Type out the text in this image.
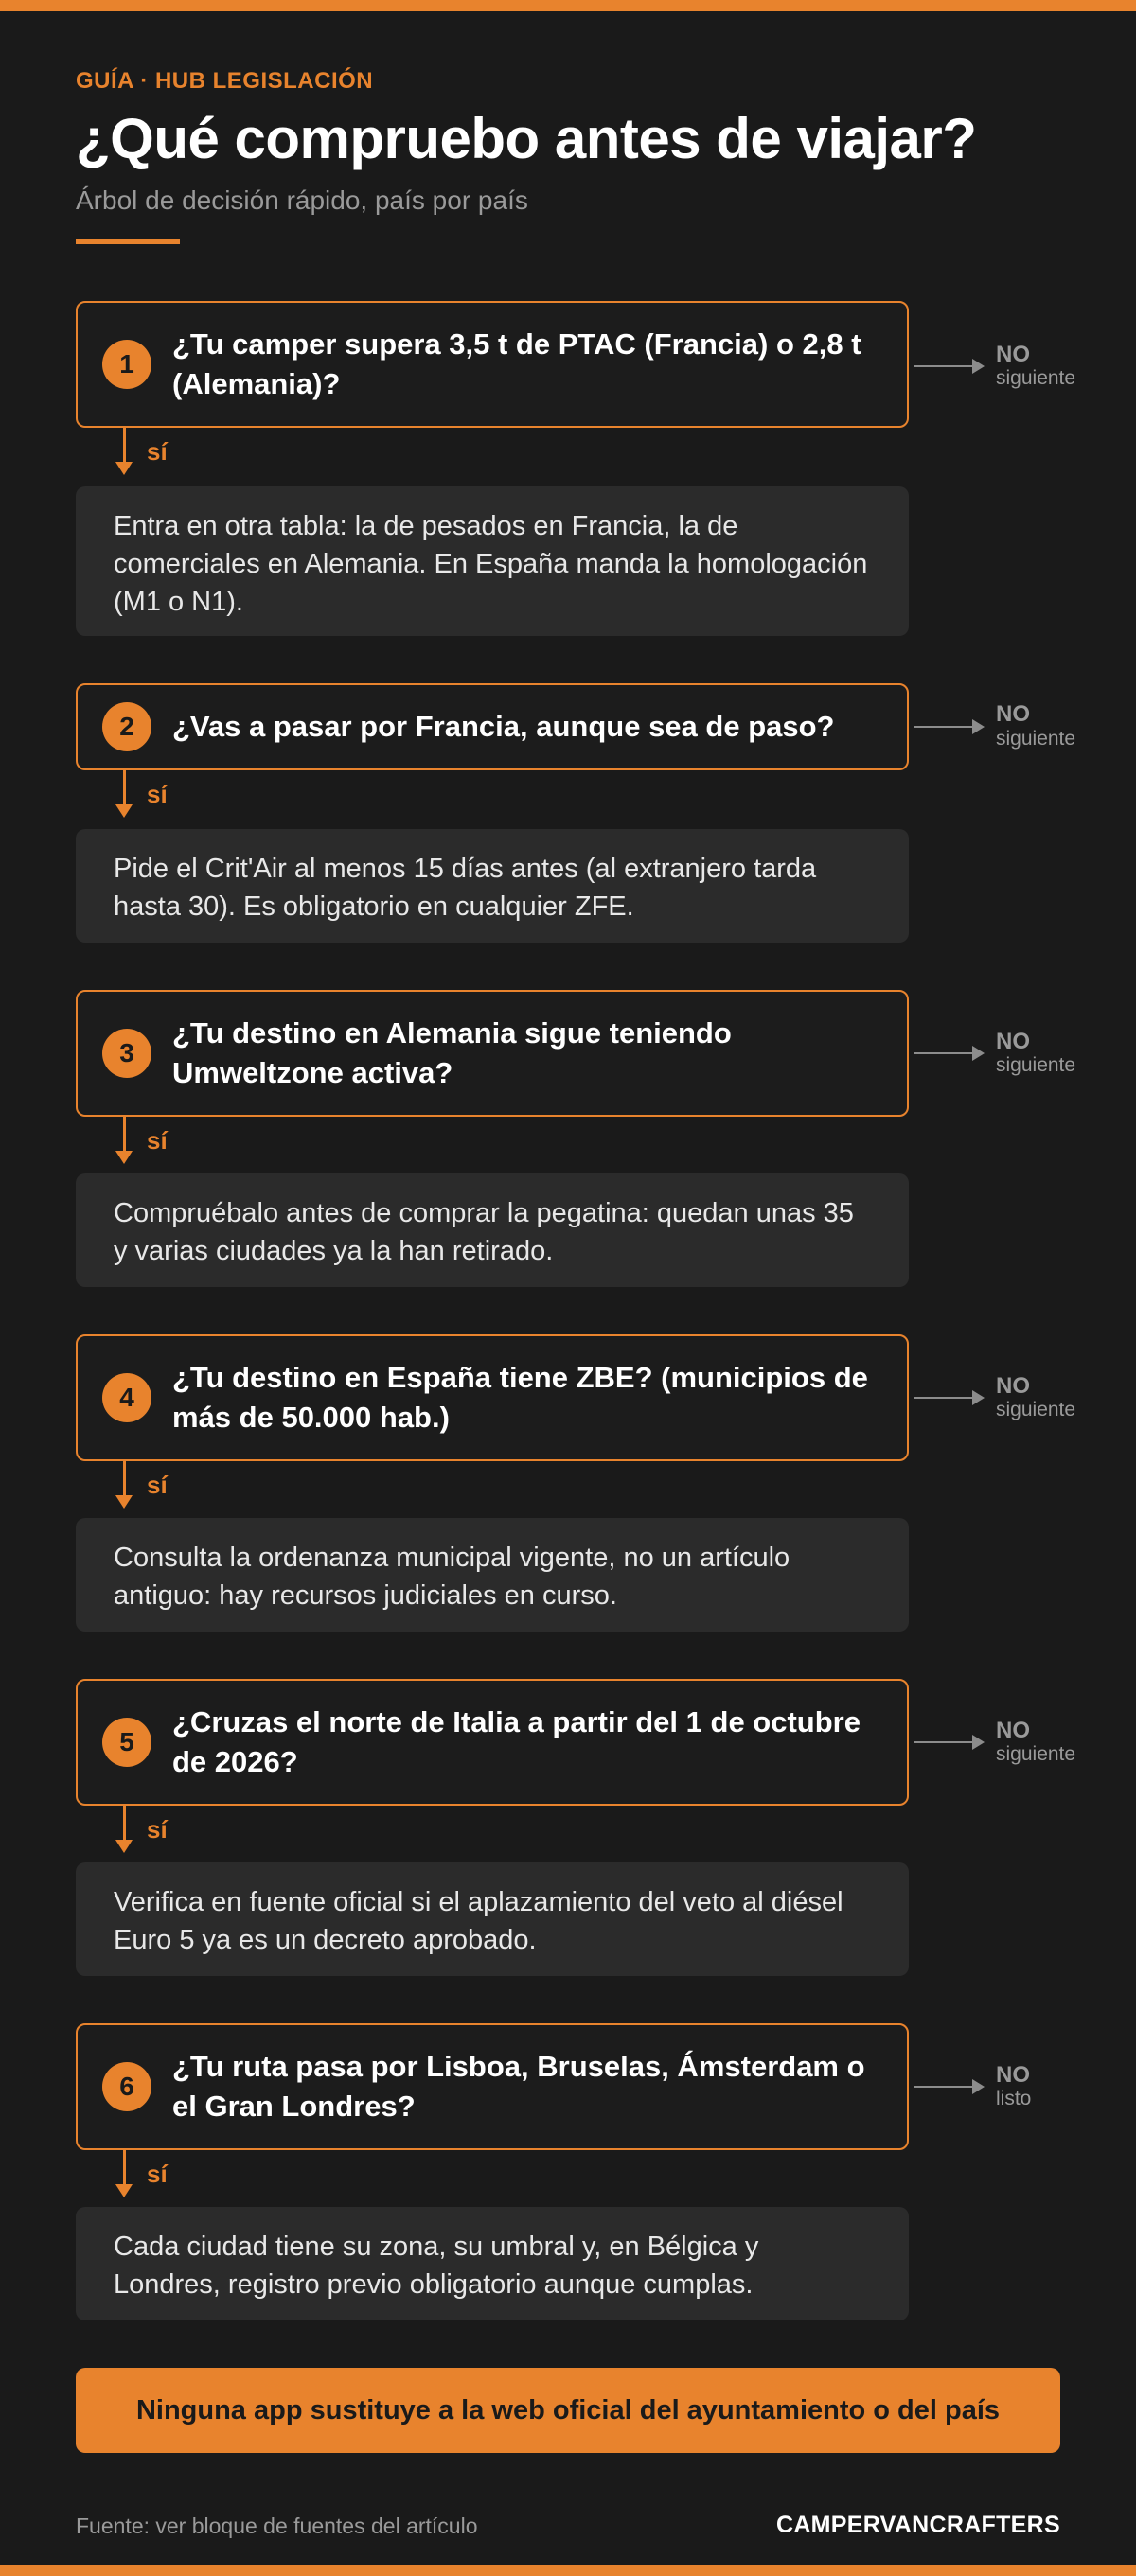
GUÍA · HUB LEGISLACIÓN
¿Qué compruebo antes de viajar?
Árbol de decisión rápido, país por país
1
¿Tu camper supera 3,5 t de PTAC (Francia) o 2,8 t (Alemania)?
NO
siguiente
sí
Entra en otra tabla: la de pesados en Francia, la de comerciales en Alemania. En España manda la homologación (M1 o N1).
2	¿Vas a pasar por Francia, aunque sea de paso?	NO
siguiente
sí
Pide el Crit'Air al menos 15 días antes (al extranjero tarda hasta 30). Es obligatorio en cualquier ZFE.
3
¿Tu destino en Alemania sigue teniendo Umweltzone activa?
NO
siguiente
sí
Compruébalo antes de comprar la pegatina: quedan unas 35 y varias ciudades ya la han retirado.
4
¿Tu destino en España tiene ZBE? (municipios de más de 50.000 hab.)
NO
siguiente
sí
Consulta la ordenanza municipal vigente, no un artículo antiguo: hay recursos judiciales en curso.
5
¿Cruzas el norte de Italia a partir del 1 de octubre de 2026?
NO
siguiente
sí
Verifica en fuente oficial si el aplazamiento del veto al diésel Euro 5 ya es un decreto aprobado.
6
¿Tu ruta pasa por Lisboa, Bruselas, Ámsterdam o el Gran Londres?
NO
listo
sí
Cada ciudad tiene su zona, su umbral y, en Bélgica y Londres, registro previo obligatorio aunque cumplas.
Ninguna app sustituye a la web oficial del ayuntamiento o del país
Fuente: ver bloque de fuentes del artículo	CAMPERVANCRAFTERS
